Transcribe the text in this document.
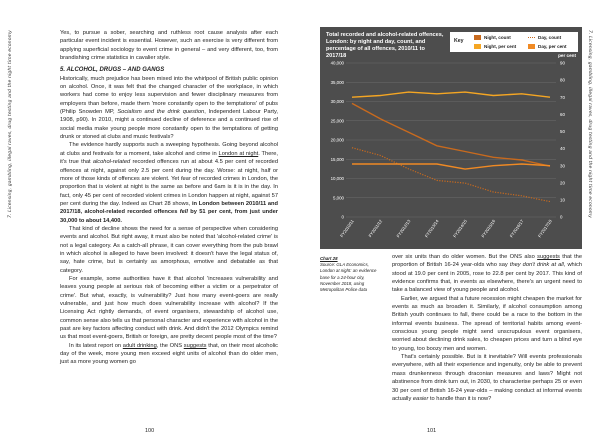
7. Licensing, gambling, illegal raves, drug testing and the night time economy	Yes, to pursue a sober, searching and ruthless root cause analysis after each particular event incident is essential. However, such an exercise is very different from applying superficial sociology to event crime in general – and very different, too, from brandishing crime statistics in cavalier style.

5. ALCOHOL, DRUGS – AND GANGS

Historically, much prejudice has been mixed into the whirlpool of British public opinion on alcohol. Once, it was felt that the changed character of the workplace, in which workers had come to enjoy less supervision and fewer disciplinary measures from employers than before, made them 'more constantly open to the temptations' of pubs (Philip Snowden MP, Socialism and the drink question, Independent Labour Party, 1908, p90). In 2010, might a continued decline of deference and a continued rise of social media make young people more constantly open to the temptations of getting drunk or stoned at clubs and music festivals?

The evidence hardly supports such a sweeping hypothesis. Going beyond alcohol at clubs and festivals for a moment, take alcohol and crime in London at night. There, it's true that alcohol-related recorded offences run at about 4.5 per cent of recorded offences at night, against only 2.5 per cent during the day. Worse: at night, half or more of those kinds of offences are violent. Yet fear of recorded crimes in London, the proportion that is violent at night is the same as before and 6am is it is in the day. In fact, only 45 per cent of recorded violent crimes in London happen at night, against 57 per cent during the day. Indeed as Chart 28 shows, in London between 2010/11 and 2017/18, alcohol-related recorded offences fell by 51 per cent, from just under 30,000 to about 14,400.

That kind of decline shows the need for a sense of perspective when considering events and alcohol. But right away, it must also be noted that 'alcohol-related crime' is not a legal category. As a catch-all phrase, it can cover everything from the pub brawl in which alcohol is alleged to have been involved: it doesn't have the legal status of, say, hate crime, but is certainly as amorphous, emotive and debatable as that category.

For example, some authorities have it that alcohol 'increases vulnerability and leaves young people at serious risk of becoming either a victim or a perpetrator of crime'. But what, exactly, is vulnerability? Just how many event-goers are really vulnerable, and just how much does vulnerability increase with alcohol? If the Licensing Act rightly demands, of event organisers, stewardship of alcohol use, common sense also tells us that personal character and experience with alcohol in the past are key factors affecting conduct with drink. And didn't the 2012 Olympics remind us that most event-goers, British or foreign, are pretty decent people most of the time?

In its latest report on adult drinking, the ONS suggests that, on their most alcoholic day of the week, more young men exceed eight units of alcohol than do older men, just as more young women go

100
7. Licensing, gambling, illegal raves, drug testing and the night time economy
Total recorded and alcohol-related offences, London: by night and day, count, and percentage of all offences, 2010/11 to 2017/18
Key
Night, count	Day, count
Night, per cent	Day, per cent
0
5,000
10,000
15,000
20,000
25,000
30,000
35,000
40,000
0
10
20
30
40
50
60
70
80
90
per cent
FY2010/11	FY2011/12	FY2012/13	FY2013/14	FY2014/15	FY2015/16	FY2016/17	FY2017/18
Chart 28
Source: GLA Economics, London at night: an evidence base for a 24-hour city, November 2018, using Metropolitan Police data

over six units than do older women. But the ONS also suggests that the proportion of British 16-24 year-olds who say they don't drink at all, which stood at 19.0 per cent in 2005, rose to 22.8 per cent by 2017. This kind of evidence confirms that, in events as elsewhere, there's an urgent need to take a balanced view of young people and alcohol.

Earlier, we argued that a future recession might cheapen the market for events as much as broaden it. Similarly, if alcohol consumption among British youth continues to fall, there could be a race to the bottom in the informal events business. The spread of territorial habits among event-conscious young people might send unscrupulous event organisers, worried about declining drink sales, to cheapen prices and turn a blind eye to young, too boozy men and women.

That's certainly possible. But is it inevitable? Will events professionals everywhere, with all their experience and ingenuity, only be able to prevent mass drunkenness through draconian measures and laws? Might not abstinence from drink turn out, in 2030, to characterise perhaps 25 or even 30 per cent of British 16-24 year-olds – making conduct at informal events actually easier to handle than it is now?

101
